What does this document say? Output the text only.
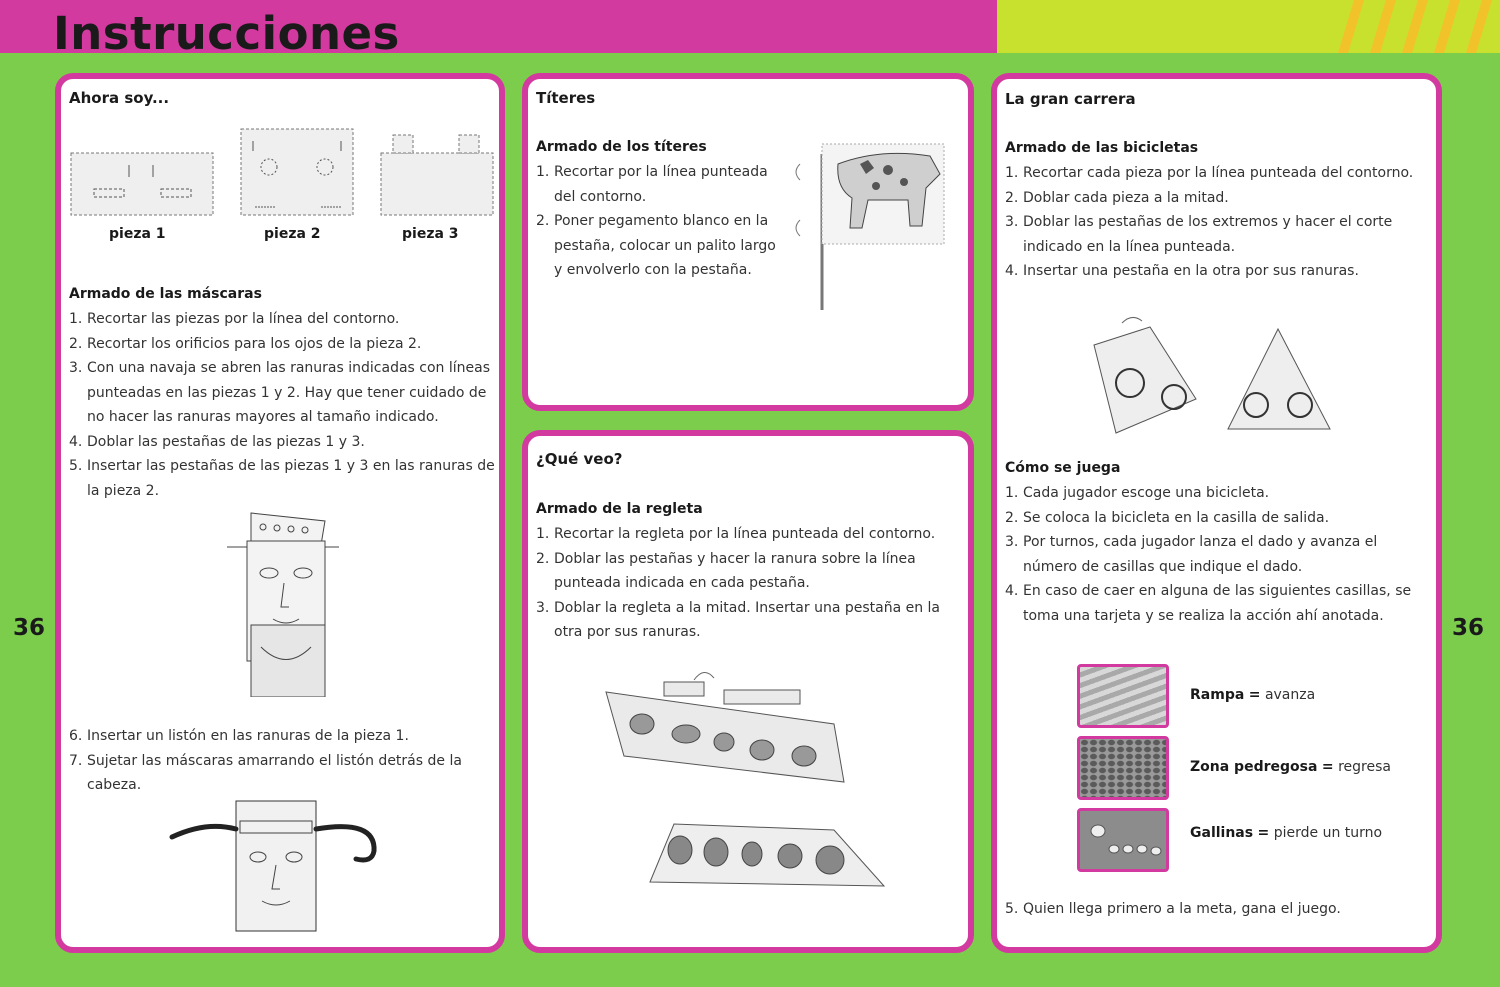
Instrucciones
36	36
Ahora soy...
pieza 1	pieza 2	pieza 3
Armado de las máscaras
1. Recortar las piezas por la línea del contorno.
2. Recortar los orificios para los ojos de la pieza 2.
3. Con una navaja se abren las ranuras indicadas con líneas punteadas en las piezas 1 y 2. Hay que tener cuidado de no hacer las ranuras mayores al tamaño indicado.
4. Doblar las pestañas de las piezas 1 y 3.
5. Insertar las pestañas de las piezas 1 y 3 en las ranuras de la pieza 2.
6. Insertar un listón en las ranuras de la pieza 1.
7. Sujetar las máscaras amarrando el listón detrás de la cabeza.
Títeres
Armado de los títeres
1. Recortar por la línea punteada del contorno.
2. Poner pegamento blanco en la pestaña, colocar un palito largo y envolverlo con la pestaña.
¿Qué veo?
Armado de la regleta
1. Recortar la regleta por la línea punteada del contorno.
2. Doblar las pestañas y hacer la ranura sobre la línea punteada indicada en cada pestaña.
3. Doblar la regleta a la mitad. Insertar una pestaña en la otra por sus ranuras.
La gran carrera
Armado de las bicicletas
1. Recortar cada pieza por la línea punteada del contorno.
2. Doblar cada pieza a la mitad.
3. Doblar las pestañas de los extremos y hacer el corte indicado en la línea punteada.
4. Insertar una pestaña en la otra por sus ranuras.
Cómo se juega
1. Cada jugador escoge una bicicleta.
2. Se coloca la bicicleta en la casilla de salida.
3. Por turnos, cada jugador lanza el dado y avanza el número de casillas que indique el dado.
4. En caso de caer en alguna de las siguientes casillas, se toma una tarjeta y se realiza la acción ahí anotada.
Rampa = avanza
Zona pedregosa = regresa
Gallinas = pierde un turno
5. Quien llega primero a la meta, gana el juego.
